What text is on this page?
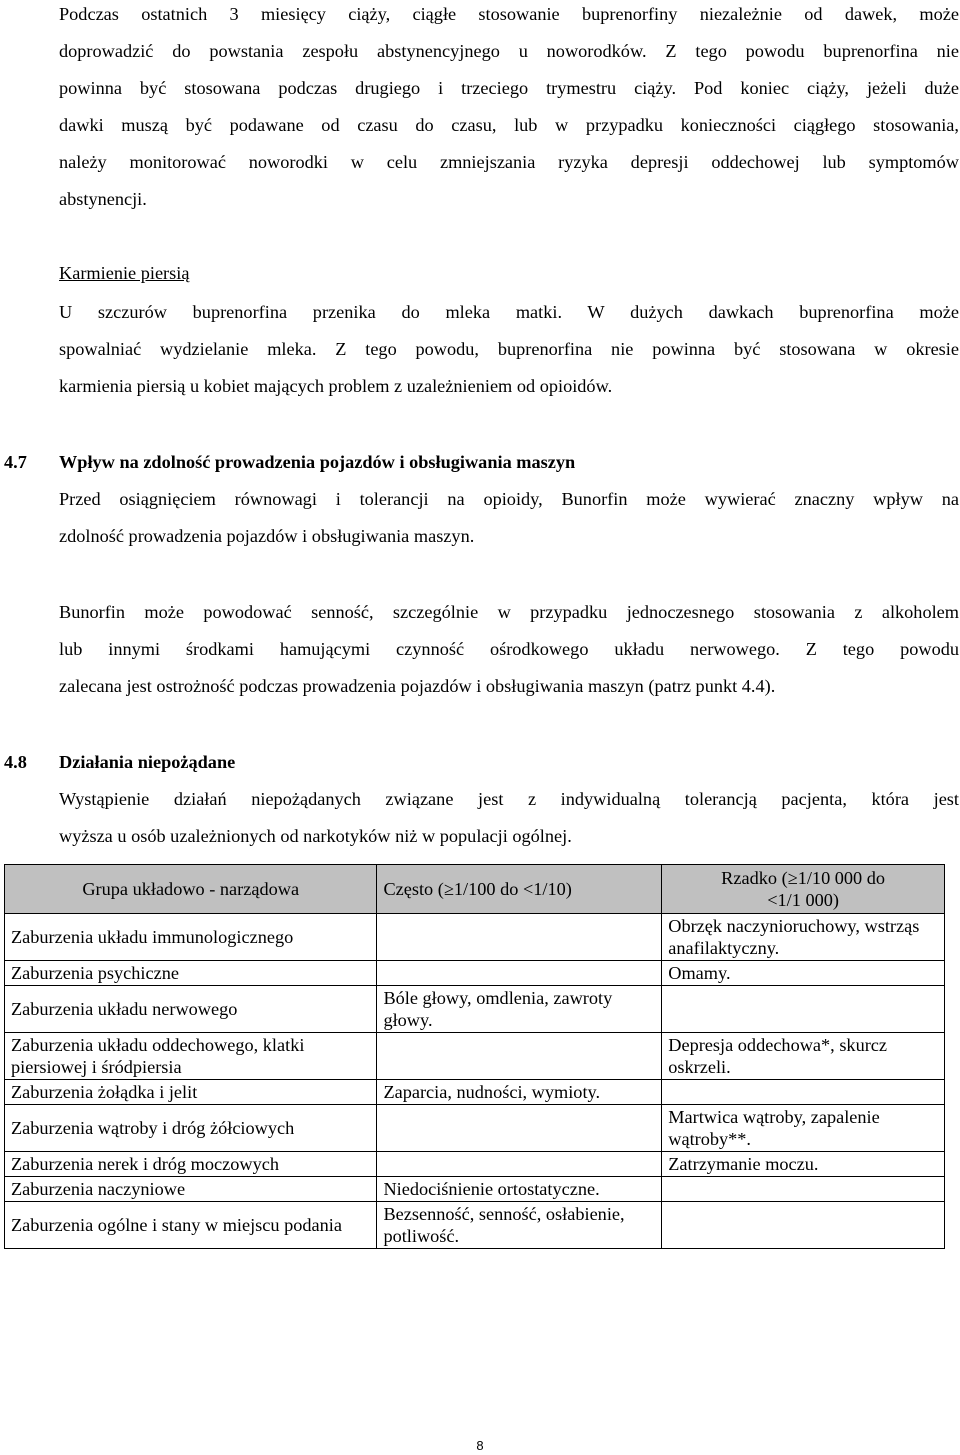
Podczas ostatnich 3 miesięcy ciąży, ciągłe stosowanie buprenorfiny niezależnie od dawek, może
doprowadzić do powstania zespołu abstynencyjnego u noworodków. Z tego powodu buprenorfina nie
powinna być stosowana podczas drugiego i trzeciego trymestru ciąży. Pod koniec ciąży, jeżeli duże
dawki muszą być podawane od czasu do czasu, lub w przypadku konieczności ciągłego stosowania,
należy monitorować noworodki w celu zmniejszania ryzyka depresji oddechowej lub symptomów
abstynencji.
Karmienie piersią
U szczurów buprenorfina przenika do mleka matki. W dużych dawkach buprenorfina może
spowalniać wydzielanie mleka. Z tego powodu, buprenorfina nie powinna być stosowana w okresie
karmienia piersią u kobiet mających problem z uzależnieniem od opioidów.
4.7 Wpływ na zdolność prowadzenia pojazdów i obsługiwania maszyn
Przed osiągnięciem równowagi i tolerancji na opioidy, Bunorfin może wywierać znaczny wpływ na
zdolność prowadzenia pojazdów i obsługiwania maszyn.
Bunorfin może powodować senność, szczególnie w przypadku jednoczesnego stosowania z alkoholem
lub innymi środkami hamującymi czynność ośrodkowego układu nerwowego. Z tego powodu
zalecana jest ostrożność podczas prowadzenia pojazdów i obsługiwania maszyn (patrz punkt 4.4).
4.8 Działania niepożądane
Wystąpienie działań niepożądanych związane jest z indywidualną tolerancją pacjenta, która jest
wyższa u osób uzależnionych od narkotyków niż w populacji ogólnej.
Grupa układowo - narządowa	Często (≥1/100 do <1/10)	Rzadko (≥1/10 000 do
<1/1 000)
Zaburzenia układu immunologicznego		Obrzęk naczynioruchowy, wstrząs anafilaktyczny.
Zaburzenia psychiczne		Omamy.
Zaburzenia układu nerwowego	Bóle głowy, omdlenia, zawroty głowy.	
Zaburzenia układu oddechowego, klatki piersiowej i śródpiersia		Depresja oddechowa*, skurcz oskrzeli.
Zaburzenia żołądka i jelit	Zaparcia, nudności, wymioty.	
Zaburzenia wątroby i dróg żółciowych		Martwica wątroby, zapalenie wątroby**.
Zaburzenia nerek i dróg moczowych		Zatrzymanie moczu.
Zaburzenia naczyniowe	Niedociśnienie ortostatyczne.	
Zaburzenia ogólne i stany w miejscu podania	Bezsenność, senność, osłabienie, potliwość.	
8
